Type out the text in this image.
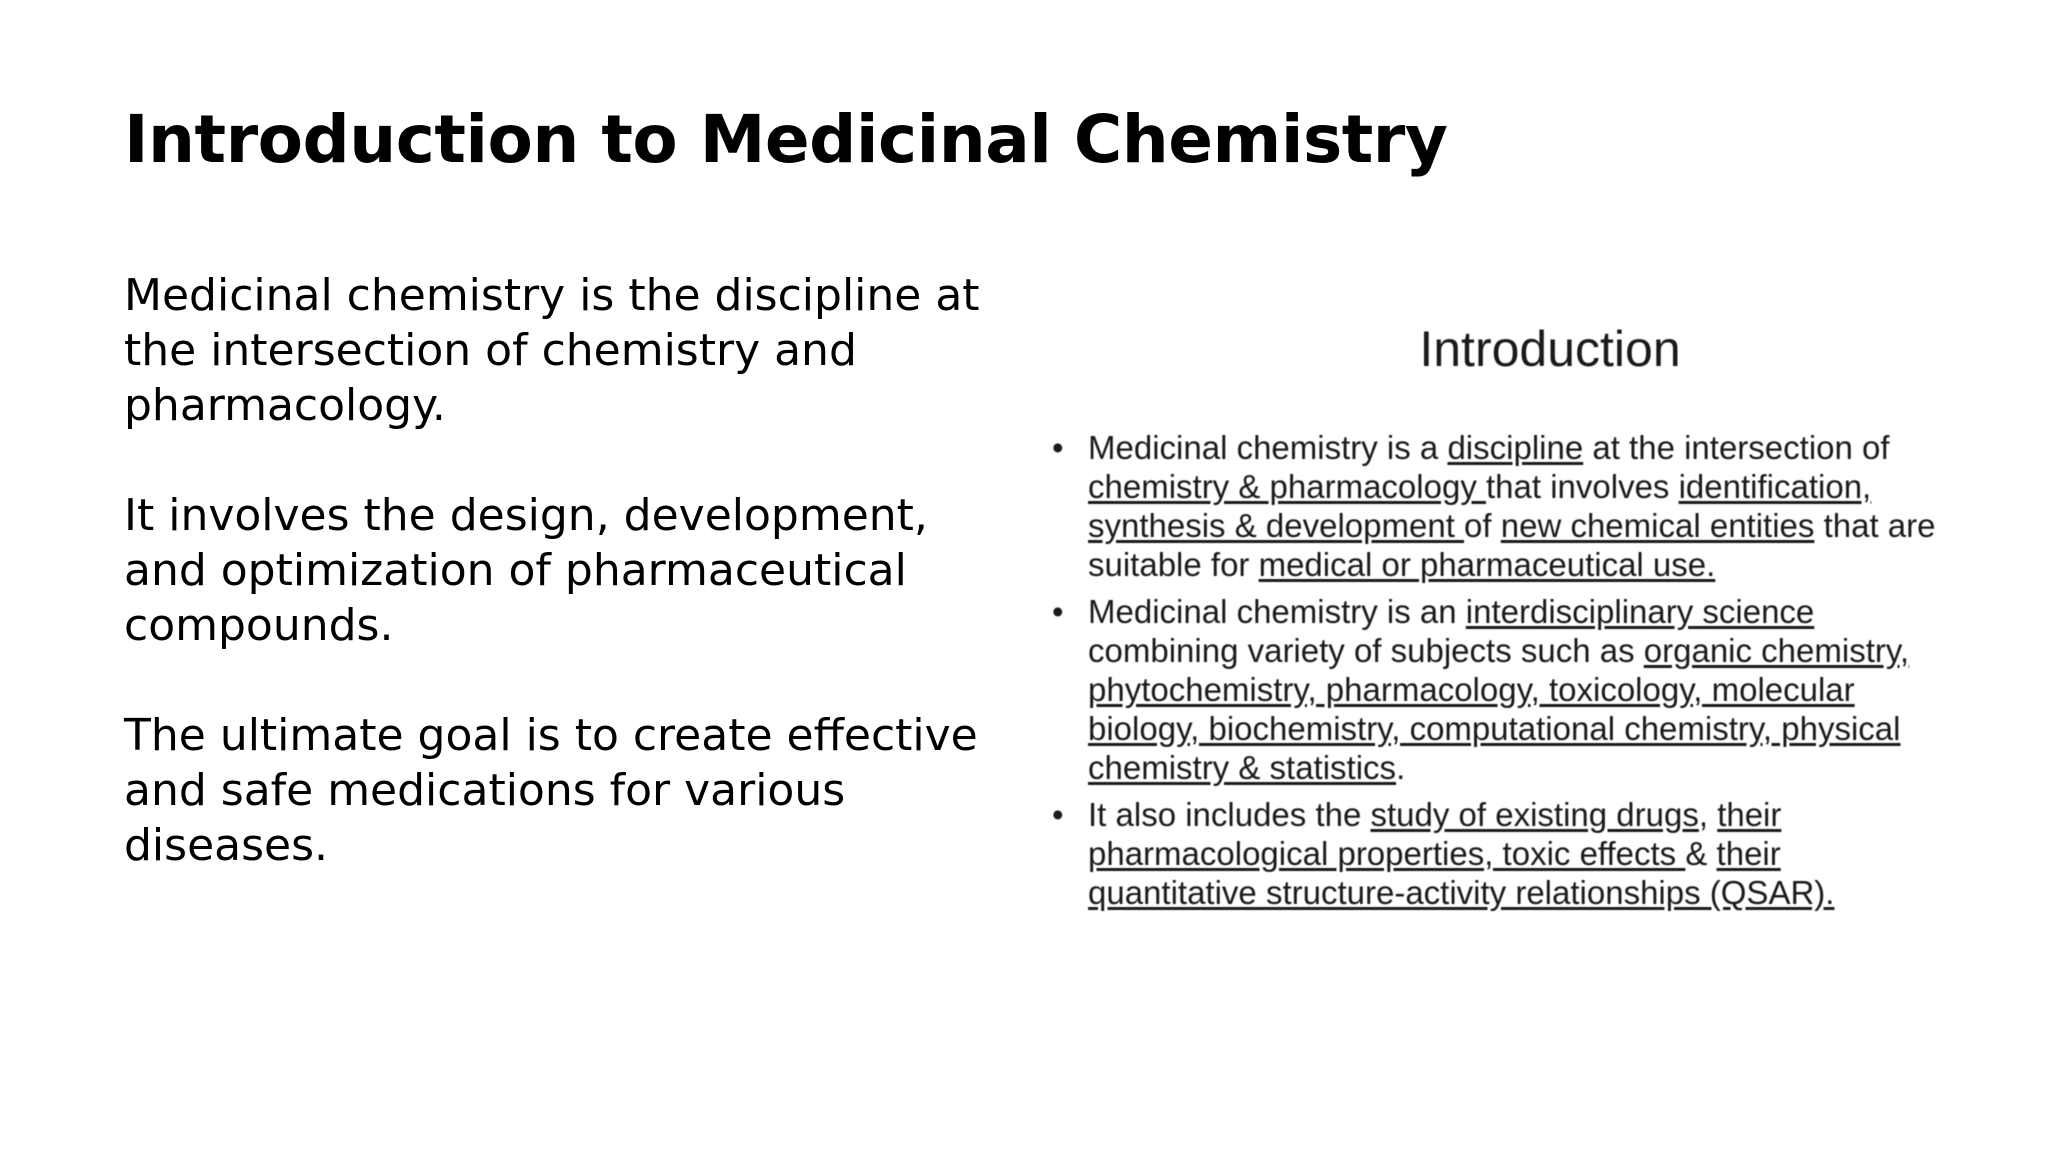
Introduction to Medicinal Chemistry

Medicinal chemistry is the discipline at the intersection of chemistry and pharmacology.

It involves the design, development, and optimization of pharmaceutical compounds.

The ultimate goal is to create effective and safe medications for various diseases.

Introduction
• Medicinal chemistry is a discipline at the intersection of chemistry & pharmacology that involves identification, synthesis & development of new chemical entities that are suitable for medical or pharmaceutical use.
• Medicinal chemistry is an interdisciplinary science combining variety of subjects such as organic chemistry, phytochemistry, pharmacology, toxicology, molecular biology, biochemistry, computational chemistry, physical chemistry & statistics.
• It also includes the study of existing drugs, their pharmacological properties, toxic effects & their quantitative structure-activity relationships (QSAR).
